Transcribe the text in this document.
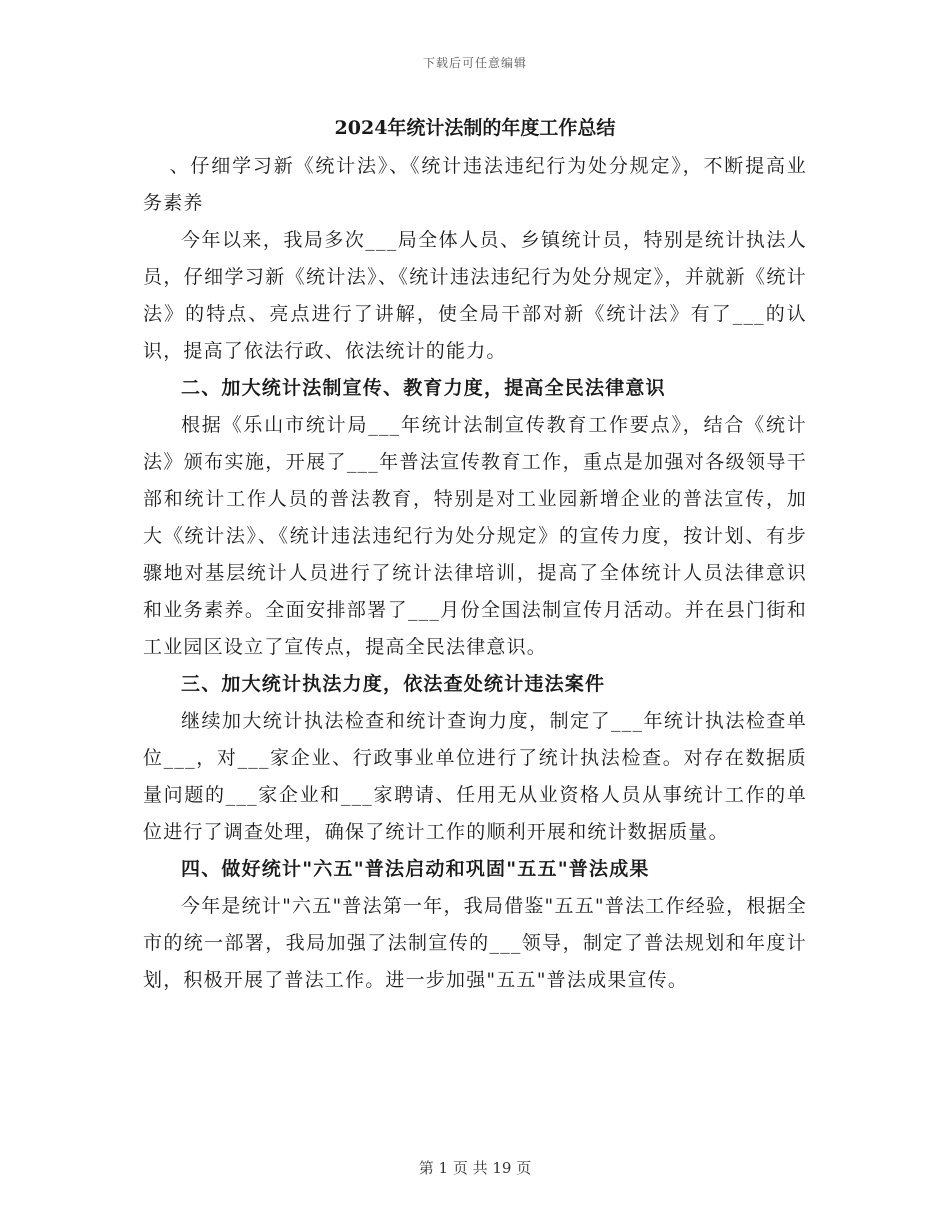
下载后可任意编辑
2024年统计法制的年度工作总结

、仔细学习新《统计法》、《统计违法违纪行为处分规定》，不断提高业务素养

今年以来，我局多次___局全体人员、乡镇统计员，特别是统计执法人员，仔细学习新《统计法》、《统计违法违纪行为处分规定》，并就新《统计法》的特点、亮点进行了讲解，使全局干部对新《统计法》有了___的认识，提高了依法行政、依法统计的能力。

二、加大统计法制宣传、教育力度，提高全民法律意识

根据《乐山市统计局___年统计法制宣传教育工作要点》，结合《统计法》颁布实施，开展了___年普法宣传教育工作，重点是加强对各级领导干部和统计工作人员的普法教育，特别是对工业园新增企业的普法宣传，加大《统计法》、《统计违法违纪行为处分规定》的宣传力度，按计划、有步骤地对基层统计人员进行了统计法律培训，提高了全体统计人员法律意识和业务素养。全面安排部署了___月份全国法制宣传月活动。并在县门街和工业园区设立了宣传点，提高全民法律意识。

三、加大统计执法力度，依法查处统计违法案件

继续加大统计执法检查和统计查询力度，制定了___年统计执法检查单位___，对___家企业、行政事业单位进行了统计执法检查。对存在数据质量问题的___家企业和___家聘请、任用无从业资格人员从事统计工作的单位进行了调查处理，确保了统计工作的顺利开展和统计数据质量。

四、做好统计"六五"普法启动和巩固"五五"普法成果

今年是统计"六五"普法第一年，我局借鉴"五五"普法工作经验，根据全市的统一部署，我局加强了法制宣传的___领导，制定了普法规划和年度计划，积极开展了普法工作。进一步加强"五五"普法成果宣传。

第 1 页 共 19 页
